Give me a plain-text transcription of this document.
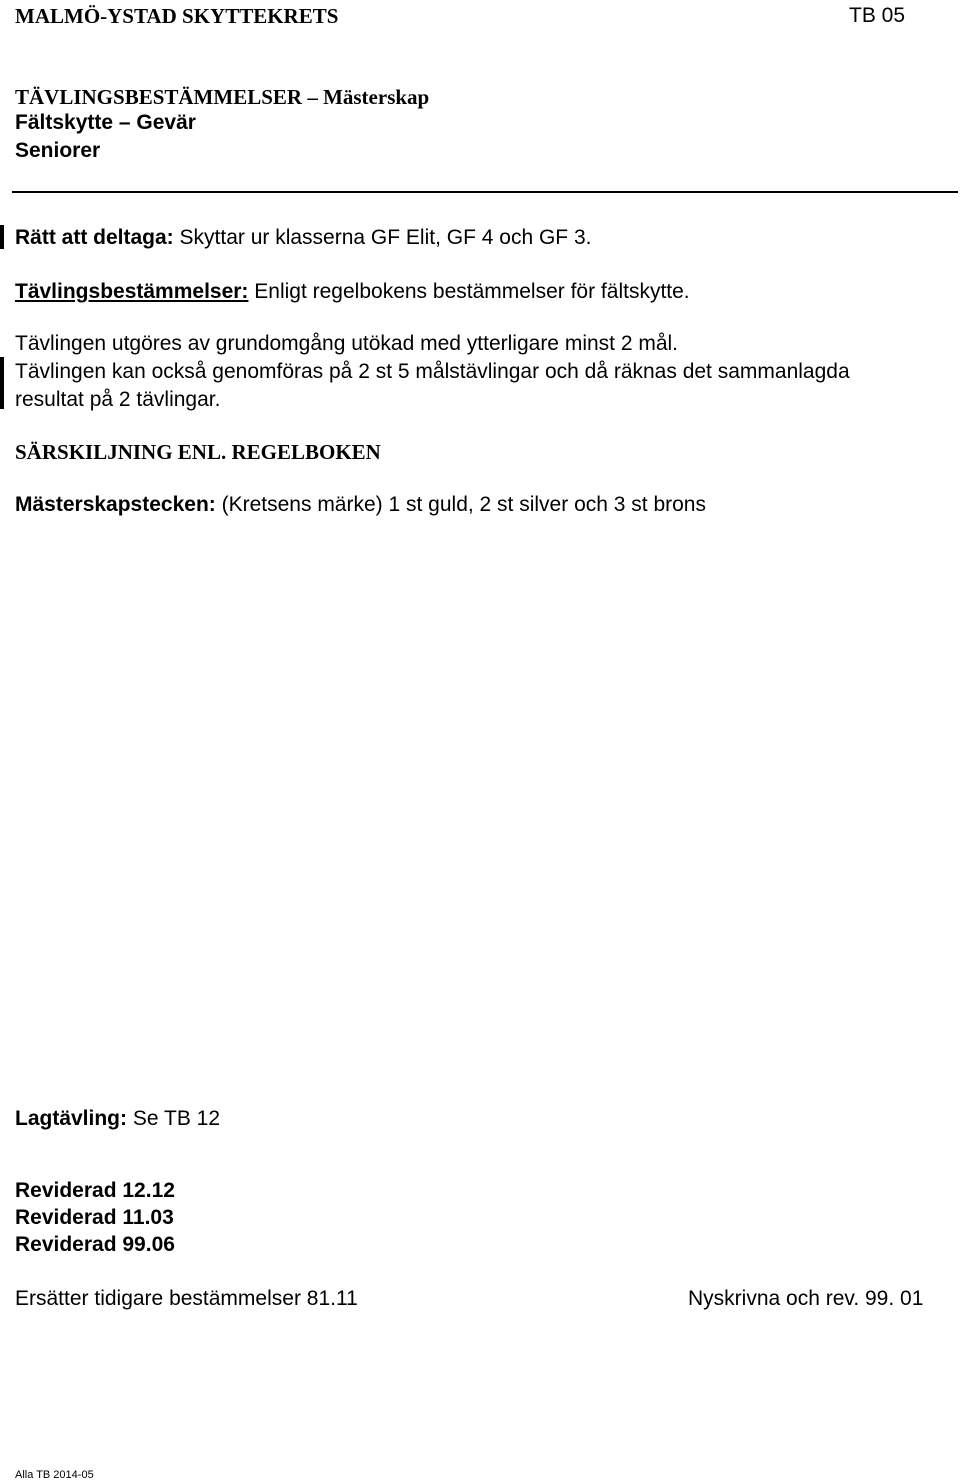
MALMÖ-YSTAD SKYTTEKRETS	TB 05
TÄVLINGSBESTÄMMELSER – Mästerskap
Fältskytte – Gevär
Seniorer
Rätt att deltaga: Skyttar ur klasserna GF Elit, GF 4 och GF 3.
Tävlingsbestämmelser: Enligt regelbokens bestämmelser för fältskytte.
Tävlingen utgöres av grundomgång utökad med ytterligare minst 2 mål.
Tävlingen kan också genomföras på 2 st 5 målstävlingar och då räknas det sammanlagda
resultat på 2 tävlingar.
SÄRSKILJNING ENL. REGELBOKEN
Mästerskapstecken: (Kretsens märke) 1 st guld, 2 st silver och 3 st brons
Lagtävling: Se TB 12
Reviderad 12.12
Reviderad 11.03
Reviderad 99.06
Ersätter tidigare bestämmelser 81.11	Nyskrivna och rev. 99. 01
Alla TB 2014-05
